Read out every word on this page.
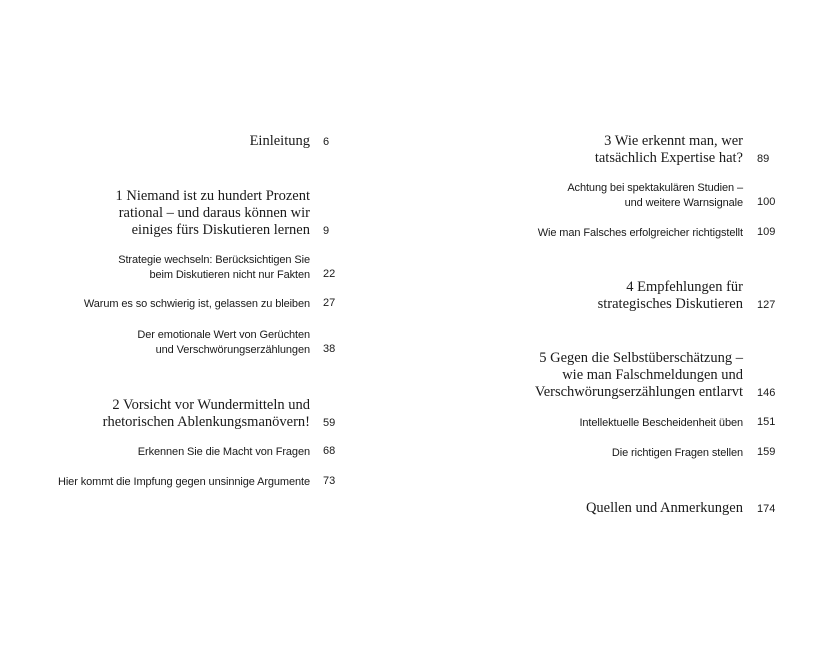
Einleitung 6
1 Niemand ist zu hundert Prozent
rational – und daraus können wir
einiges fürs Diskutieren lernen 9
Strategie wechseln: Berücksichtigen Sie
beim Diskutieren nicht nur Fakten 22
Warum es so schwierig ist, gelassen zu bleiben 27
Der emotionale Wert von Gerüchten
und Verschwörungserzählungen 38
2 Vorsicht vor Wundermitteln und
rhetorischen Ablenkungsmanövern! 59
Erkennen Sie die Macht von Fragen 68
Hier kommt die Impfung gegen unsinnige Argumente 73
3 Wie erkennt man, wer
tatsächlich Expertise hat? 89
Achtung bei spektakulären Studien –
und weitere Warnsignale 100
Wie man Falsches erfolgreicher richtigstellt 109
4 Empfehlungen für
strategisches Diskutieren 127
5 Gegen die Selbstüberschätzung –
wie man Falschmeldungen und
Verschwörungserzählungen entlarvt 146
Intellektuelle Bescheidenheit üben 151
Die richtigen Fragen stellen 159
Quellen und Anmerkungen 174
